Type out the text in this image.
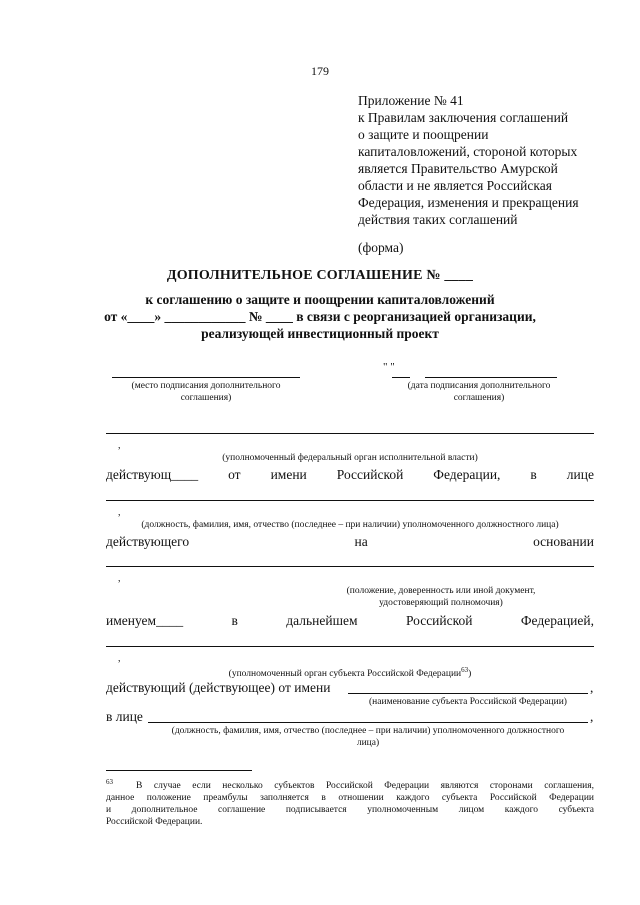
179
Приложение № 41
к Правилам заключения соглашений
о защите и поощрении
капиталовложений, стороной которых
является Правительство Амурской
области и не является Российская
Федерация, изменения и прекращения
действия таких соглашений
(форма)
ДОПОЛНИТЕЛЬНОЕ СОГЛАШЕНИЕ № ____
к соглашению о защите и поощрении капиталовложений
от «____» ____________ № ____ в связи с реорганизацией организации,
реализующей инвестиционный проект
(место подписания дополнительного
соглашения)
" "
(дата подписания дополнительного
соглашения)
,
(уполномоченный федеральный орган исполнительной власти)
действующ____ от имени Российской Федерации, в лице
,
(должность, фамилия, имя, отчество (последнее – при наличии) уполномоченного должностного лица)
действующего	на	основании
,
(положение, доверенность или иной документ,
удостоверяющий полномочия)
именуем____	в	дальнейшем	Российской	Федерацией,
,
(уполномоченный орган субъекта Российской Федерации$^{63}$)
действующий (действующее) от имени	,
(наименование субъекта Российской Федерации)
в лице	,
(должность, фамилия, имя, отчество (последнее – при наличии) уполномоченного должностного
лица)
$^{63}$ В случае если несколько субъектов Российской Федерации являются сторонами соглашения,
данное положение преамбулы заполняется в отношении каждого субъекта Российской Федерации
и дополнительное соглашение подписывается уполномоченным лицом каждого субъекта
Российской Федерации.
